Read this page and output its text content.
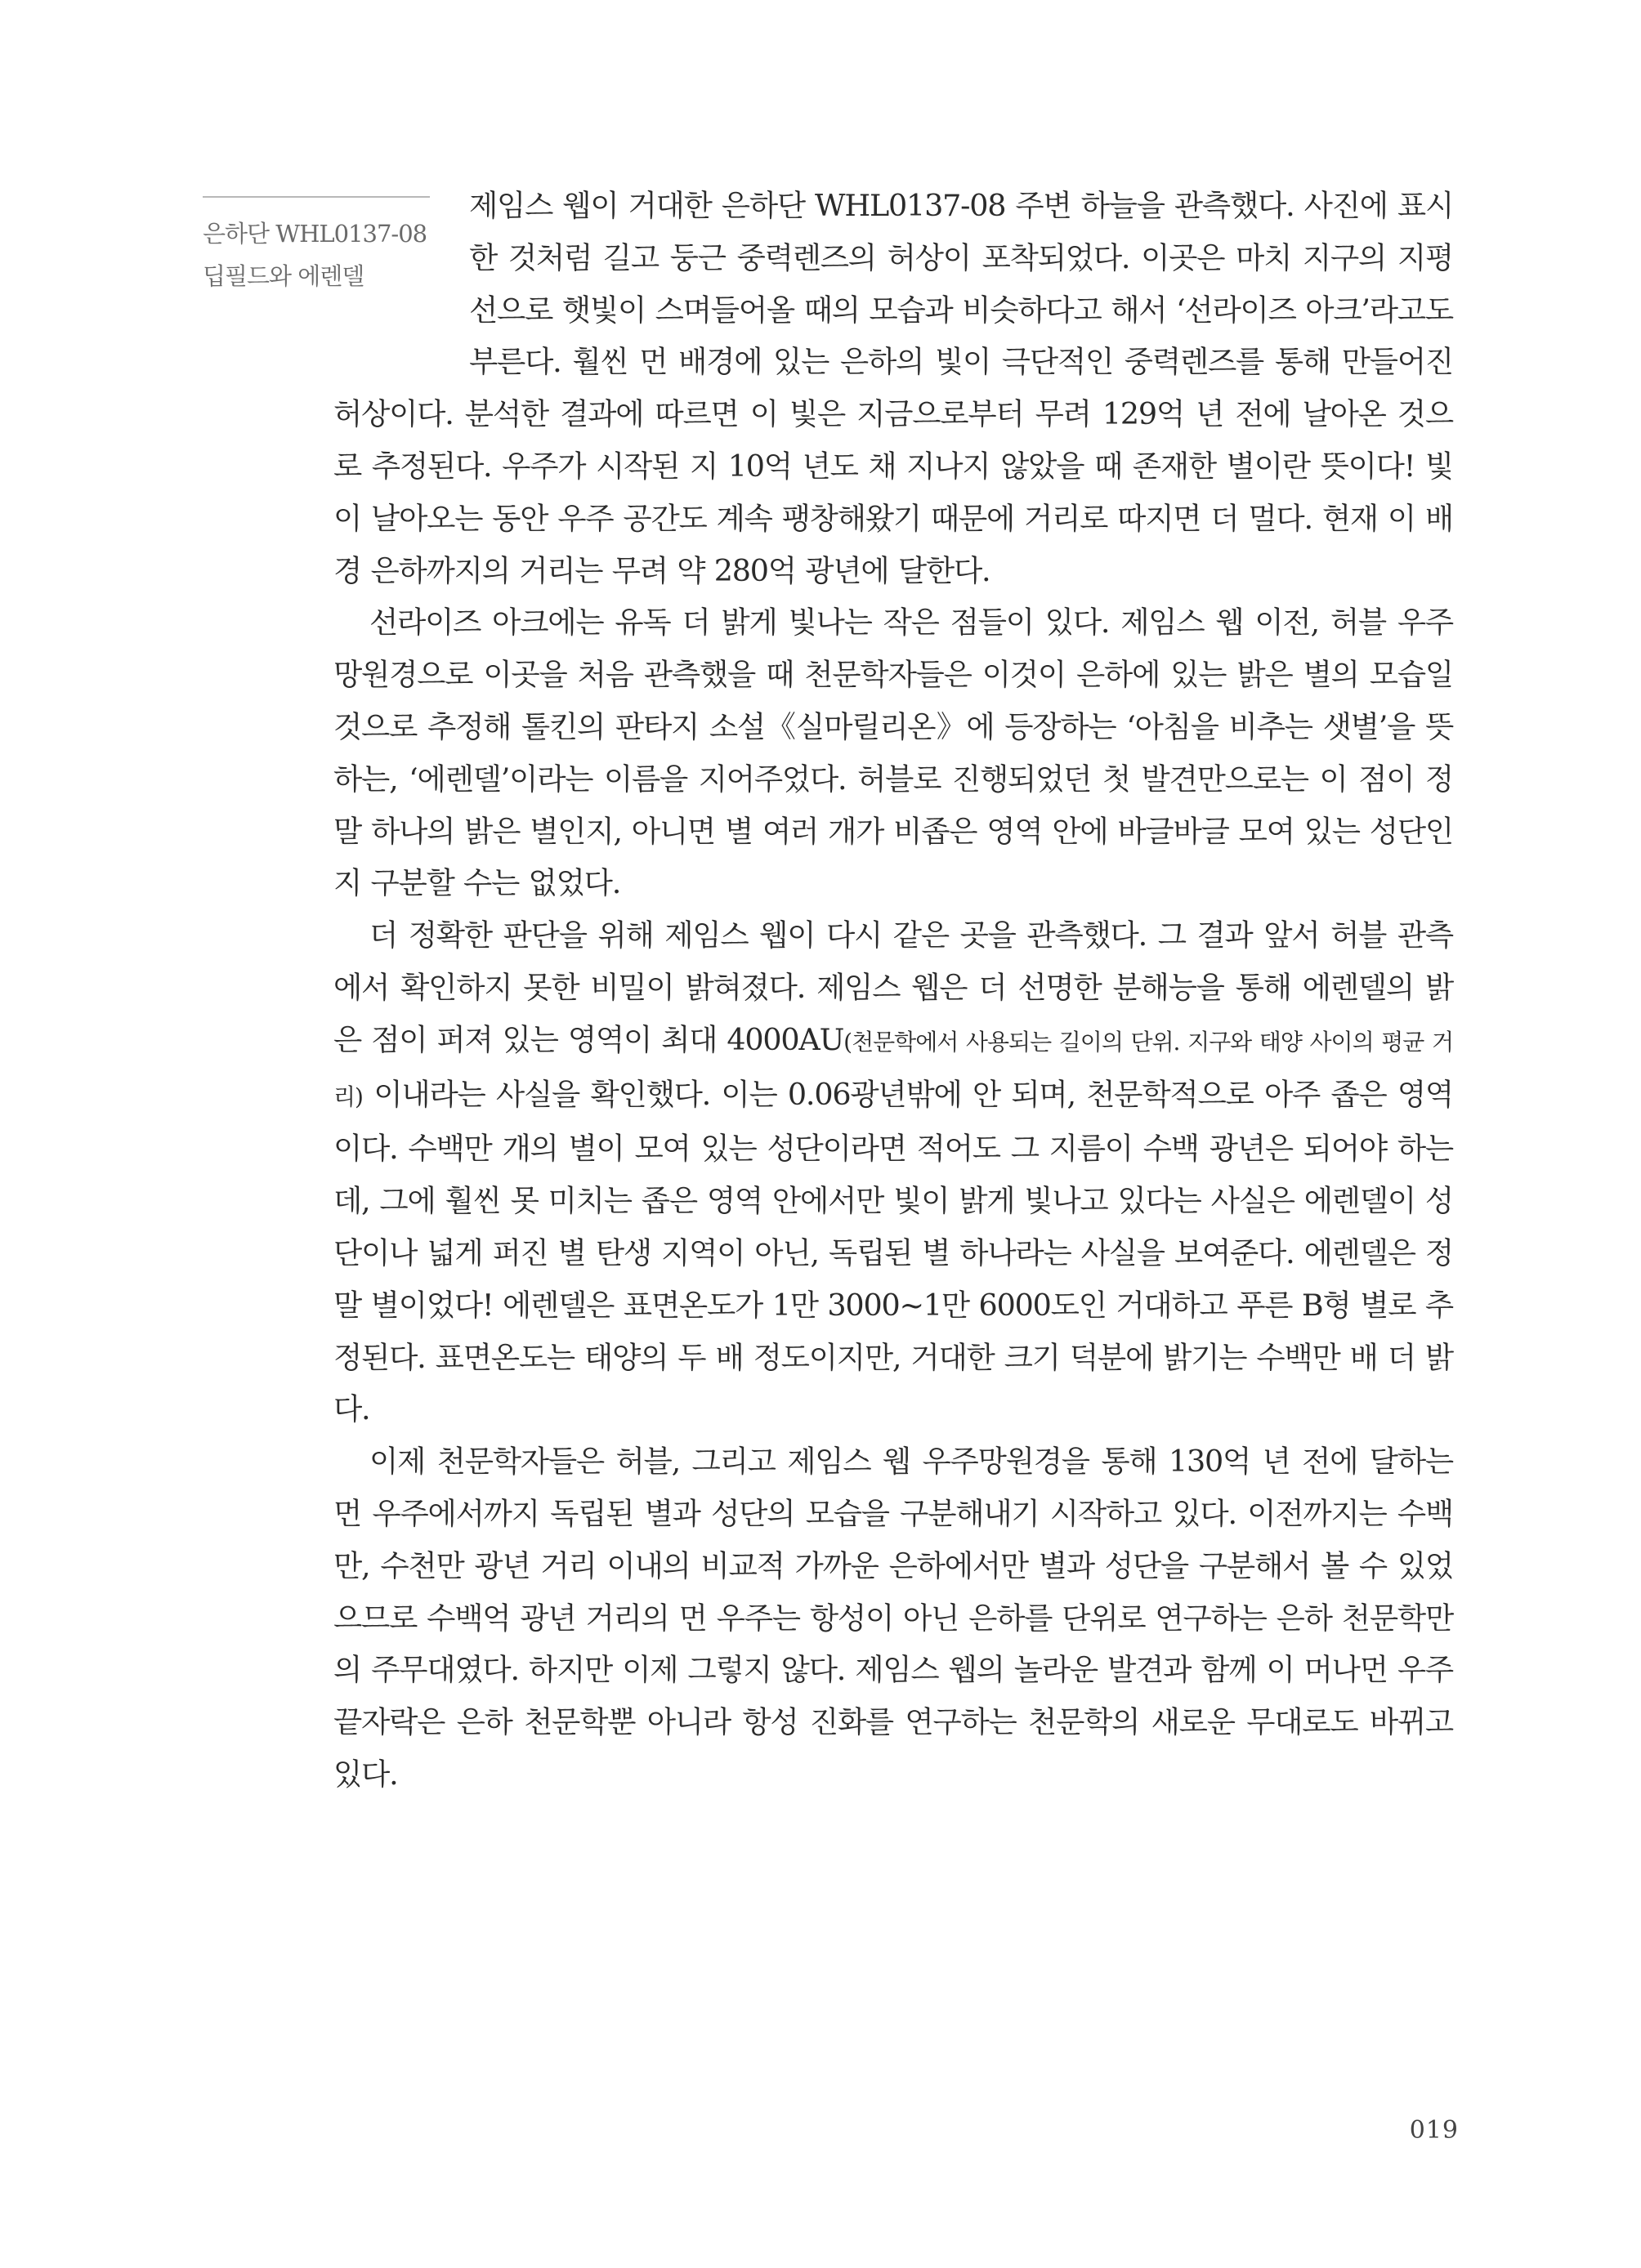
은하단 WHL0137-08
딥필드와 에렌델

제임스 웹이 거대한 은하단 WHL0137-08 주변 하늘을 관측했다. 사진에 표시한 것처럼 길고 둥근 중력렌즈의 허상이 포착되었다. 이곳은 마치 지구의 지평선으로 햇빛이 스며들어올 때의 모습과 비슷하다고 해서 ‘선라이즈 아크’라고도 부른다. 훨씬 먼 배경에 있는 은하의 빛이 극단적인 중력렌즈를 통해 만들어진 허상이다. 분석한 결과에 따르면 이 빛은 지금으로부터 무려 129억 년 전에 날아온 것으로 추정된다. 우주가 시작된 지 10억 년도 채 지나지 않았을 때 존재한 별이란 뜻이다! 빛이 날아오는 동안 우주 공간도 계속 팽창해왔기 때문에 거리로 따지면 더 멀다. 현재 이 배경 은하까지의 거리는 무려 약 280억 광년에 달한다.

선라이즈 아크에는 유독 더 밝게 빛나는 작은 점들이 있다. 제임스 웹 이전, 허블 우주망원경으로 이곳을 처음 관측했을 때 천문학자들은 이것이 은하에 있는 밝은 별의 모습일 것으로 추정해 톨킨의 판타지 소설《실마릴리온》에 등장하는 ‘아침을 비추는 샛별’을 뜻하는, ‘에렌델’이라는 이름을 지어주었다. 허블로 진행되었던 첫 발견만으로는 이 점이 정말 하나의 밝은 별인지, 아니면 별 여러 개가 비좁은 영역 안에 바글바글 모여 있는 성단인지 구분할 수는 없었다.

더 정확한 판단을 위해 제임스 웹이 다시 같은 곳을 관측했다. 그 결과 앞서 허블 관측에서 확인하지 못한 비밀이 밝혀졌다. 제임스 웹은 더 선명한 분해능을 통해 에렌델의 밝은 점이 퍼져 있는 영역이 최대 4000AU(천문학에서 사용되는 길이의 단위. 지구와 태양 사이의 평균 거리) 이내라는 사실을 확인했다. 이는 0.06광년밖에 안 되며, 천문학적으로 아주 좁은 영역이다. 수백만 개의 별이 모여 있는 성단이라면 적어도 그 지름이 수백 광년은 되어야 하는데, 그에 훨씬 못 미치는 좁은 영역 안에서만 빛이 밝게 빛나고 있다는 사실은 에렌델이 성단이나 넓게 퍼진 별 탄생 지역이 아닌, 독립된 별 하나라는 사실을 보여준다. 에렌델은 정말 별이었다! 에렌델은 표면온도가 1만 3000~1만 6000도인 거대하고 푸른 B형 별로 추정된다. 표면온도는 태양의 두 배 정도이지만, 거대한 크기 덕분에 밝기는 수백만 배 더 밝다.

이제 천문학자들은 허블, 그리고 제임스 웹 우주망원경을 통해 130억 년 전에 달하는 먼 우주에서까지 독립된 별과 성단의 모습을 구분해내기 시작하고 있다. 이전까지는 수백만, 수천만 광년 거리 이내의 비교적 가까운 은하에서만 별과 성단을 구분해서 볼 수 있었으므로 수백억 광년 거리의 먼 우주는 항성이 아닌 은하를 단위로 연구하는 은하 천문학만의 주무대였다. 하지만 이제 그렇지 않다. 제임스 웹의 놀라운 발견과 함께 이 머나먼 우주 끝자락은 은하 천문학뿐 아니라 항성 진화를 연구하는 천문학의 새로운 무대로도 바뀌고 있다.

019
